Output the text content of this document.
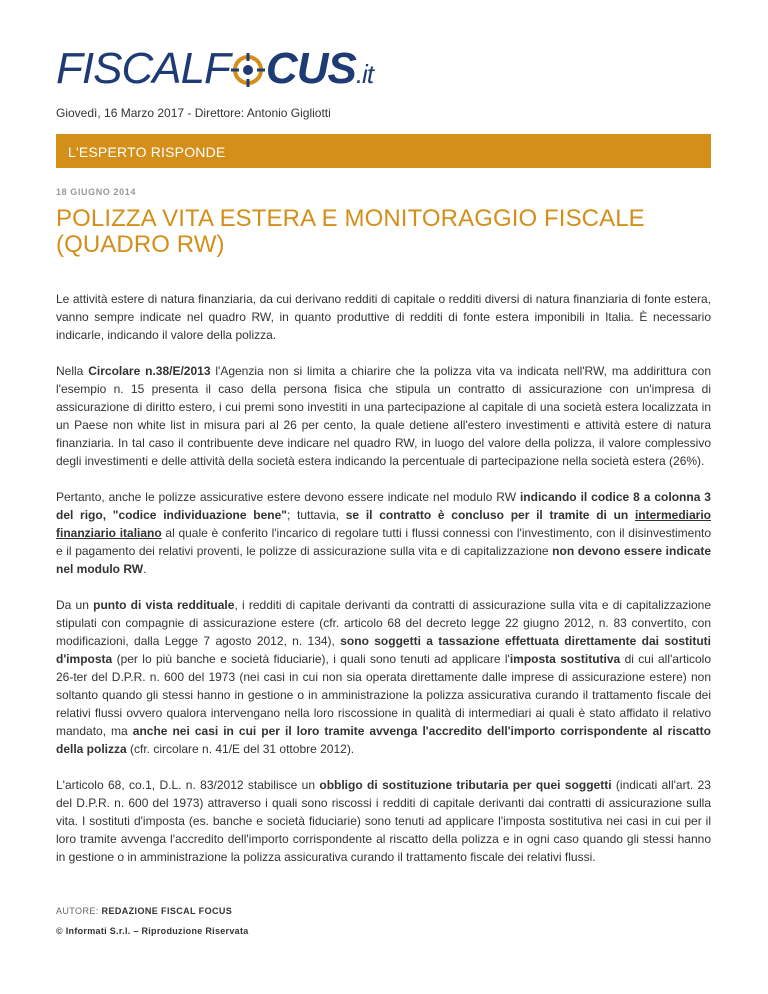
FISCALF CUS.it
Giovedì, 16 Marzo 2017 - Direttore: Antonio Gigliotti
L'ESPERTO RISPONDE
18 GIUGNO 2014
POLIZZA VITA ESTERA E MONITORAGGIO FISCALE
(QUADRO RW)

Le attività estere di natura finanziaria, da cui derivano redditi di capitale o redditi diversi di natura finanziaria di fonte estera, vanno sempre indicate nel quadro RW, in quanto produttive di redditi di fonte estera imponibili in Italia. È necessario indicarle, indicando il valore della polizza.

Nella Circolare n.38/E/2013 l'Agenzia non si limita a chiarire che la polizza vita va indicata nell'RW, ma addirittura con l'esempio n. 15 presenta il caso della persona fisica che stipula un contratto di assicurazione con un'impresa di assicurazione di diritto estero, i cui premi sono investiti in una partecipazione al capitale di una società estera localizzata in un Paese non white list in misura pari al 26 per cento, la quale detiene all'estero investimenti e attività estere di natura finanziaria. In tal caso il contribuente deve indicare nel quadro RW, in luogo del valore della polizza, il valore complessivo degli investimenti e delle attività della società estera indicando la percentuale di partecipazione nella società estera (26%).

Pertanto, anche le polizze assicurative estere devono essere indicate nel modulo RW indicando il codice 8 a colonna 3 del rigo, "codice individuazione bene"; tuttavia, se il contratto è concluso per il tramite di un intermediario finanziario italiano al quale è conferito l'incarico di regolare tutti i flussi connessi con l'investimento, con il disinvestimento e il pagamento dei relativi proventi, le polizze di assicurazione sulla vita e di capitalizzazione non devono essere indicate nel modulo RW.

Da un punto di vista reddituale, i redditi di capitale derivanti da contratti di assicurazione sulla vita e di capitalizzazione stipulati con compagnie di assicurazione estere (cfr. articolo 68 del decreto legge 22 giugno 2012, n. 83 convertito, con modificazioni, dalla Legge 7 agosto 2012, n. 134), sono soggetti a tassazione effettuata direttamente dai sostituti d'imposta (per lo più banche e società fiduciarie), i quali sono tenuti ad applicare l'imposta sostitutiva di cui all'articolo 26-ter del D.P.R. n. 600 del 1973 (nei casi in cui non sia operata direttamente dalle imprese di assicurazione estere) non soltanto quando gli stessi hanno in gestione o in amministrazione la polizza assicurativa curando il trattamento fiscale dei relativi flussi ovvero qualora intervengano nella loro riscossione in qualità di intermediari ai quali è stato affidato il relativo mandato, ma anche nei casi in cui per il loro tramite avvenga l'accredito dell'importo corrispondente al riscatto della polizza (cfr. circolare n. 41/E del 31 ottobre 2012).

L'articolo 68, co.1, D.L. n. 83/2012 stabilisce un obbligo di sostituzione tributaria per quei soggetti (indicati all'art. 23 del D.P.R. n. 600 del 1973) attraverso i quali sono riscossi i redditi di capitale derivanti dai contratti di assicurazione sulla vita. I sostituti d'imposta (es. banche e società fiduciarie) sono tenuti ad applicare l'imposta sostitutiva nei casi in cui per il loro tramite avvenga l'accredito dell'importo corrispondente al riscatto della polizza e in ogni caso quando gli stessi hanno in gestione o in amministrazione la polizza assicurativa curando il trattamento fiscale dei relativi flussi.

AUTORE: REDAZIONE FISCAL FOCUS
© Informati S.r.l. – Riproduzione Riservata
